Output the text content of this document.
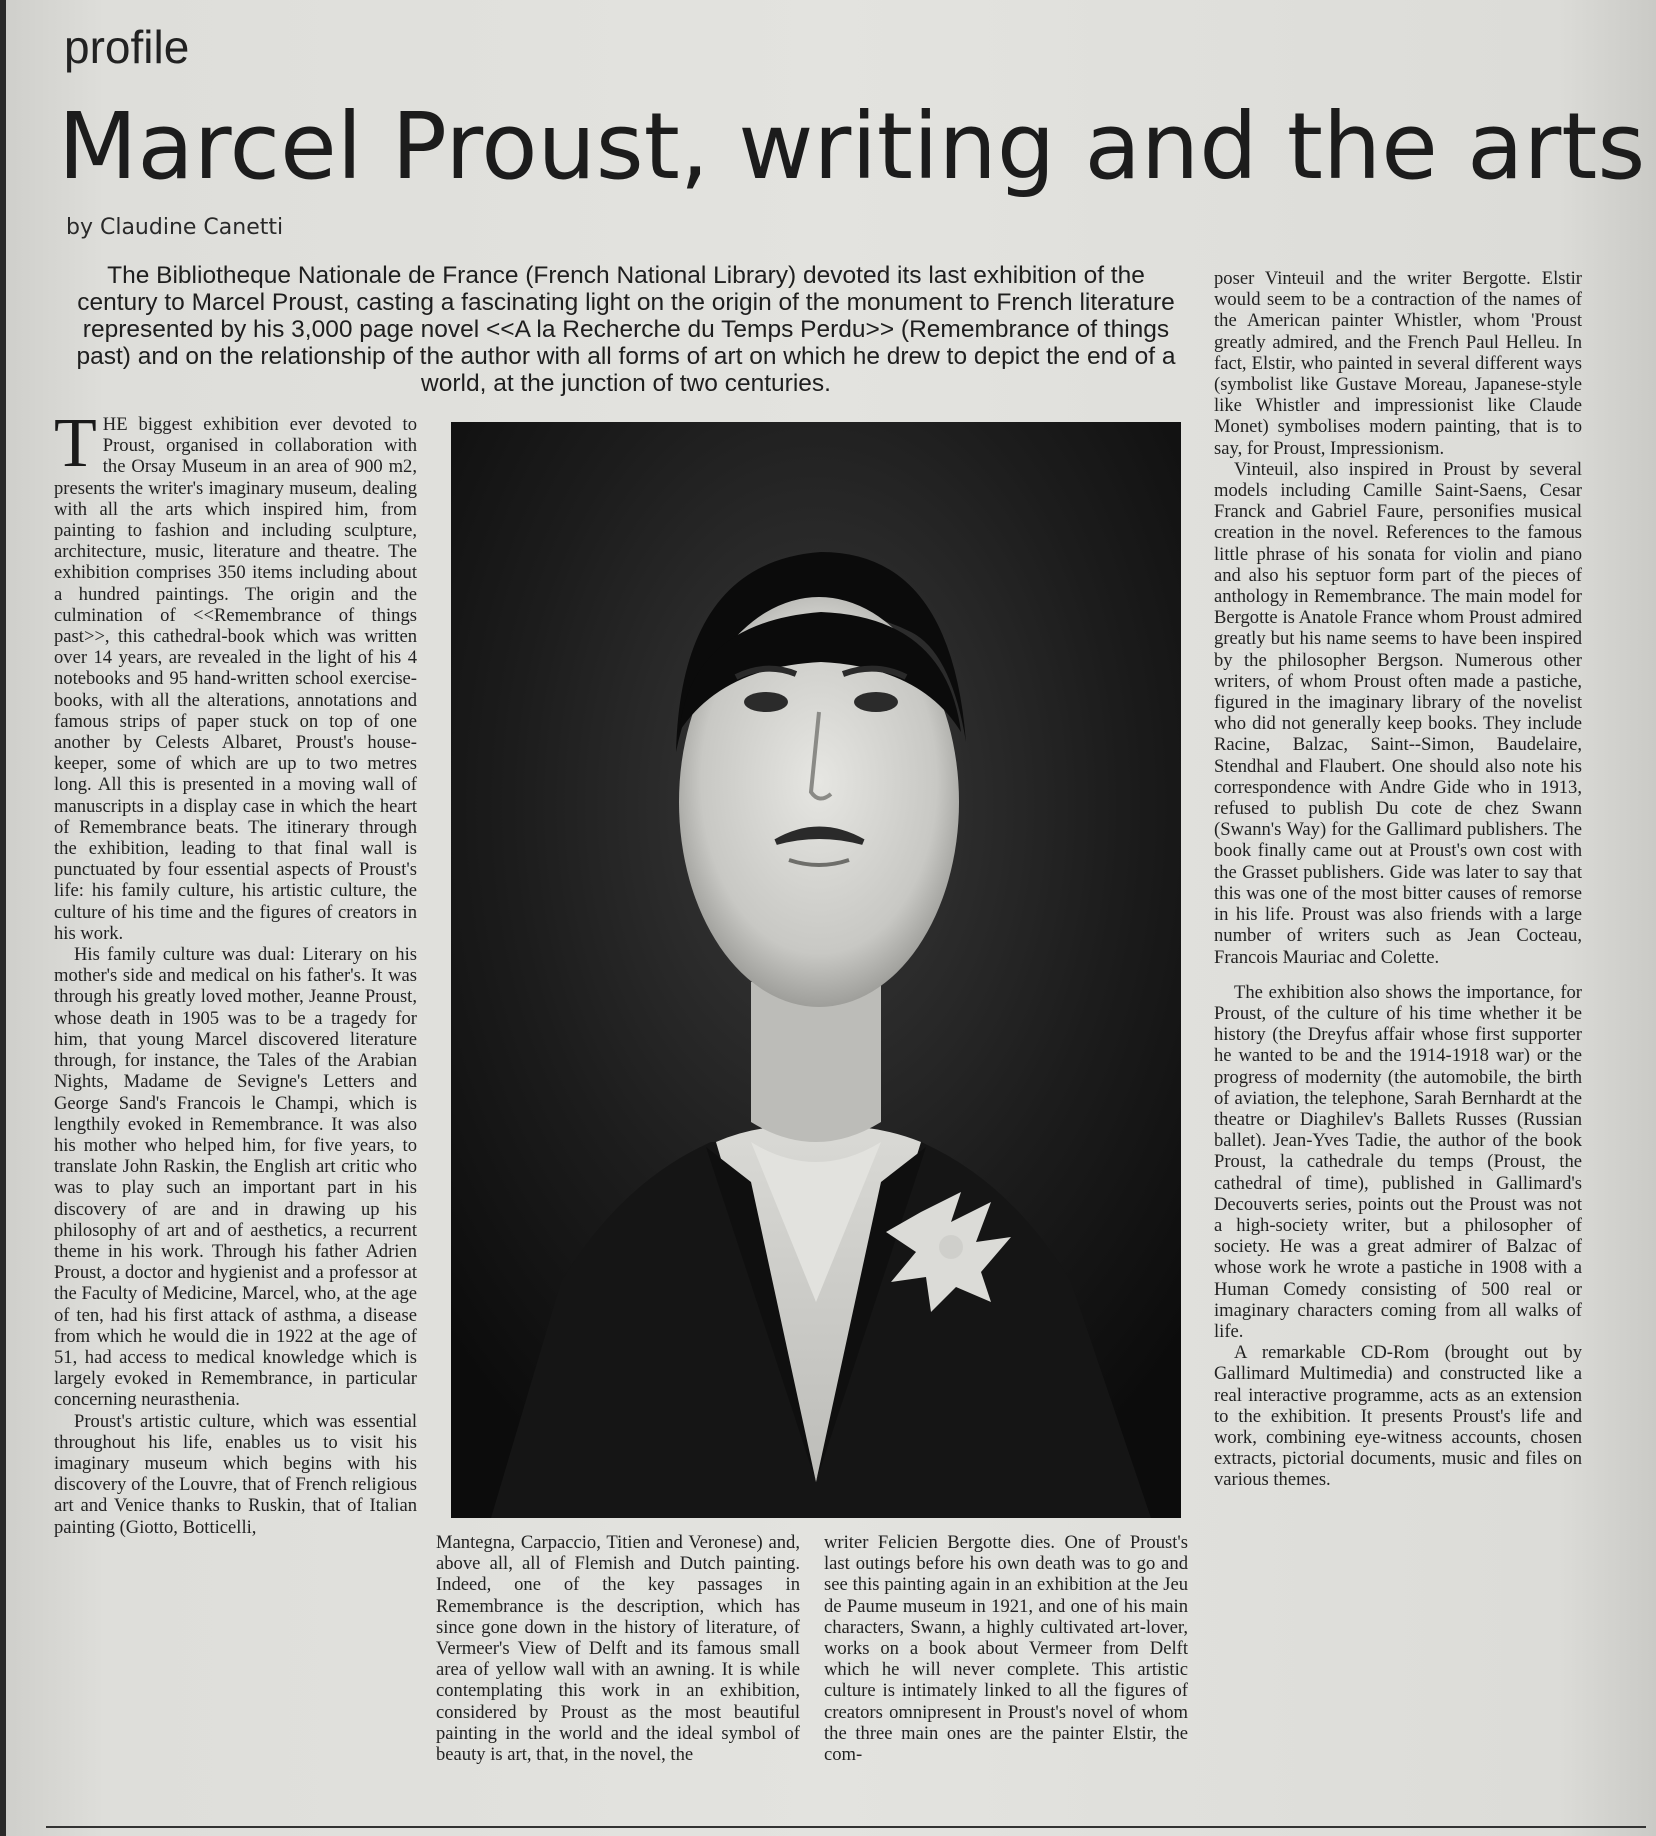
profile
Marcel Proust, writing and the arts
by Claudine Canetti
The Bibliotheque Nationale de France (French National Library) devoted its last exhibition of the century to Marcel Proust, casting a fascinating light on the origin of the monument to French literature represented by his 3,000 page novel <<A la Recherche du Temps Perdu>> (Remembrance of things past) and on the relationship of the author with all forms of art on which he drew to depict the end of a world, at the junction of two centuries.

THE biggest exhibition ever devoted to Proust, organised in collaboration with the Orsay Museum in an area of 900 m2, presents the writer's imaginary museum, dealing with all the arts which inspired him, from painting to fashion and including sculpture, architecture, music, literature and theatre. The exhibition comprises 350 items including about a hundred paintings. The origin and the culmination of <<Remembrance of things past>>, this cathedral-book which was written over 14 years, are revealed in the light of his 4 notebooks and 95 hand-written school exercise-books, with all the alterations, annotations and famous strips of paper stuck on top of one another by Celests Albaret, Proust's house-keeper, some of which are up to two metres long. All this is presented in a moving wall of manuscripts in a display case in which the heart of Remembrance beats. The itinerary through the exhibition, leading to that final wall is punctuated by four essential aspects of Proust's life: his family culture, his artistic culture, the culture of his time and the figures of creators in his work.

His family culture was dual: Literary on his mother's side and medical on his father's. It was through his greatly loved mother, Jeanne Proust, whose death in 1905 was to be a tragedy for him, that young Marcel discovered literature through, for instance, the Tales of the Arabian Nights, Madame de Sevigne's Letters and George Sand's Francois le Champi, which is lengthily evoked in Remembrance. It was also his mother who helped him, for five years, to translate John Raskin, the English art critic who was to play such an important part in his discovery of are and in drawing up his philosophy of art and of aesthetics, a recurrent theme in his work. Through his father Adrien Proust, a doctor and hygienist and a professor at the Faculty of Medicine, Marcel, who, at the age of ten, had his first attack of asthma, a disease from which he would die in 1922 at the age of 51, had access to medical knowledge which is largely evoked in Remembrance, in particular concerning neurasthenia.

Proust's artistic culture, which was essential throughout his life, enables us to visit his imaginary museum which begins with his discovery of the Louvre, that of French religious art and Venice thanks to Ruskin, that of Italian painting (Giotto, Botticelli,

Mantegna, Carpaccio, Titien and Veronese) and, above all, all of Flemish and Dutch painting. Indeed, one of the key passages in Remembrance is the description, which has since gone down in the history of literature, of Vermeer's View of Delft and its famous small area of yellow wall with an awning. It is while contemplating this work in an exhibition, considered by Proust as the most beautiful painting in the world and the ideal symbol of beauty is art, that, in the novel, the

writer Felicien Bergotte dies. One of Proust's last outings before his own death was to go and see this painting again in an exhibition at the Jeu de Paume museum in 1921, and one of his main characters, Swann, a highly cultivated art-lover, works on a book about Vermeer from Delft which he will never complete. This artistic culture is intimately linked to all the figures of creators omnipresent in Proust's novel of whom the three main ones are the painter Elstir, the com-

poser Vinteuil and the writer Bergotte. Elstir would seem to be a contraction of the names of the American painter Whistler, whom 'Proust greatly admired, and the French Paul Helleu. In fact, Elstir, who painted in several different ways (symbolist like Gustave Moreau, Japanese-style like Whistler and impressionist like Claude Monet) symbolises modern painting, that is to say, for Proust, Impressionism.

Vinteuil, also inspired in Proust by several models including Camille Saint-Saens, Cesar Franck and Gabriel Faure, personifies musical creation in the novel. References to the famous little phrase of his sonata for violin and piano and also his septuor form part of the pieces of anthology in Remembrance. The main model for Bergotte is Anatole France whom Proust admired greatly but his name seems to have been inspired by the philosopher Bergson. Numerous other writers, of whom Proust often made a pastiche, figured in the imaginary library of the novelist who did not generally keep books. They include Racine, Balzac, Saint--Simon, Baudelaire, Stendhal and Flaubert. One should also note his correspondence with Andre Gide who in 1913, refused to publish Du cote de chez Swann (Swann's Way) for the Gallimard publishers. The book finally came out at Proust's own cost with the Grasset publishers. Gide was later to say that this was one of the most bitter causes of remorse in his life. Proust was also friends with a large number of writers such as Jean Cocteau, Francois Mauriac and Colette.

The exhibition also shows the importance, for Proust, of the culture of his time whether it be history (the Dreyfus affair whose first supporter he wanted to be and the 1914-1918 war) or the progress of modernity (the automobile, the birth of aviation, the telephone, Sarah Bernhardt at the theatre or Diaghilev's Ballets Russes (Russian ballet). Jean-Yves Tadie, the author of the book Proust, la cathedrale du temps (Proust, the cathedral of time), published in Gallimard's Decouverts series, points out the Proust was not a high-society writer, but a philosopher of society. He was a great admirer of Balzac of whose work he wrote a pastiche in 1908 with a Human Comedy consisting of 500 real or imaginary characters coming from all walks of life.

A remarkable CD-Rom (brought out by Gallimard Multimedia) and constructed like a real interactive programme, acts as an extension to the exhibition. It presents Proust's life and work, combining eye-witness accounts, chosen extracts, pictorial documents, music and files on various themes.
